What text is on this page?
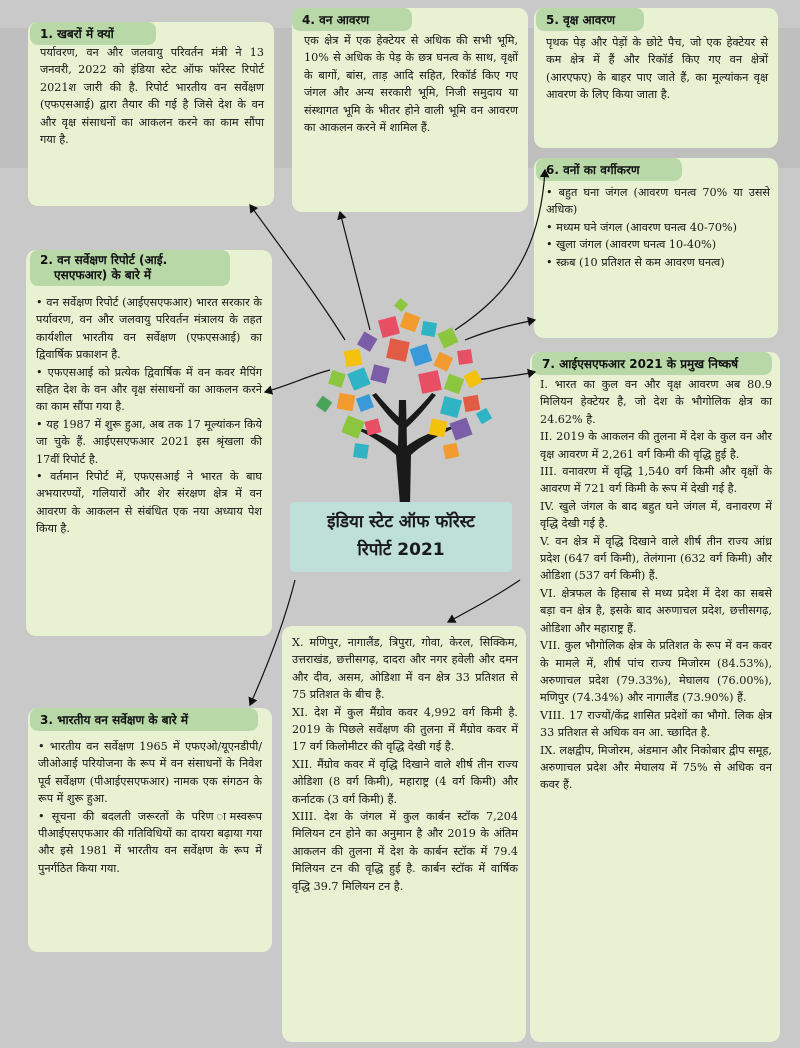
पर्यावरण, वन और जलवायु परिवर्तन मंत्री ने 13 जनवरी, 2022 को इंडिया स्टेट ऑफ फॉरेस्ट रिपोर्ट 2021श जारी की है. रिपोर्ट भारतीय वन सर्वेक्षण (एफएसआई) द्वारा तैयार की गई है जिसे देश के वन और वृक्ष संसाधनों का आकलन करने का काम सौंपा गया है.

1. खबरों में क्यों
• वन सर्वेक्षण रिपोर्ट (आईएसएफआर) भारत सरकार के पर्यावरण, वन और जलवायु परिवर्तन मंत्रालय के तहत कार्यशील भारतीय वन सर्वेक्षण (एफएसआई) का द्विवार्षिक प्रकाशन है.
• एफएसआई को प्रत्येक द्विवार्षिक में वन कवर मैपिंग सहित देश के वन और वृक्ष संसाधनों का आकलन करने का काम सौंपा गया है.
• यह 1987 में शुरू हुआ, अब तक 17 मूल्यांकन किये जा चुके हैं. आईएसएफआर 2021 इस श्रृंखला की 17वीं रिपोर्ट है.
• वर्तमान रिपोर्ट में, एफएसआई ने भारत के बाघ अभयारण्यों, गलियारों और शेर संरक्षण क्षेत्र में वन आवरण के आकलन से संबंधित एक नया अध्याय पेश किया है.
2. वन सर्वेक्षण रिपोर्ट (आई.
एसएफआर) के बारे में
• भारतीय वन सर्वेक्षण 1965 में एफएओ/यूएनडीपी/जीओआई परियोजना के रूप में वन संसाधनों के निवेश पूर्व सर्वेक्षण (पीआईएसएफआर) नामक एक संगठन के रूप में शुरू हुआ.
• सूचना की बदलती जरूरतों के परिण ामस्वरूप पीआईएसएफआर की गतिविधियों का दायरा बढ़ाया गया और इसे 1981 में भारतीय वन सर्वेक्षण के रूप में पुनर्गठित किया गया.
3. भारतीय वन सर्वेक्षण के बारे में

एक क्षेत्र में एक हेक्टेयर से अधिक की सभी भूमि, 10% से अधिक के पेड़ के छत्र घनत्व के साथ, वृक्षों के बागों, बांस, ताड़ आदि सहित, रिकॉर्ड किए गए जंगल और अन्य सरकारी भूमि, निजी समुदाय या संस्थागत भूमि के भीतर होने वाली भूमि वन आवरण का आकलन करने में शामिल हैं.

4. वन आवरण

पृथक पेड़ और पेड़ों के छोटे पैच, जो एक हेक्टेयर से कम क्षेत्र में हैं और रिकॉर्ड किए गए वन क्षेत्रों (आरएफए) के बाहर पाए जाते हैं, का मूल्यांकन वृक्ष आवरण के लिए किया जाता है.

5. वृक्ष आवरण
• बहुत घना जंगल (आवरण घनत्व 70% या उससे अधिक)
• मध्यम घने जंगल (आवरण घनत्व 40-70%)
• खुला जंगल (आवरण घनत्व 10-40%)
• स्क्रब (10 प्रतिशत से कम आवरण घनत्व)
6. वनों का वर्गीकरण
I. भारत का कुल वन और वृक्ष आवरण अब 80.9 मिलियन हेक्टेयर है, जो देश के भौगोलिक क्षेत्र का 24.62% है.
II. 2019 के आकलन की तुलना में देश के कुल वन और वृक्ष आवरण में 2,261 वर्ग किमी की वृद्धि हुई है.
III. वनावरण में वृद्धि 1,540 वर्ग किमी और वृक्षों के आवरण में 721 वर्ग किमी के रूप में देखी गई है.
IV. खुले जंगल के बाद बहुत घने जंगल में, वनावरण में वृद्धि देखी गई है.
V. वन क्षेत्र में वृद्धि दिखाने वाले शीर्ष तीन राज्य आंध्र प्रदेश (647 वर्ग किमी), तेलंगाना (632 वर्ग किमी) और ओडिशा (537 वर्ग किमी) हैं.
VI. क्षेत्रफल के हिसाब से मध्य प्रदेश में देश का सबसे बड़ा वन क्षेत्र है, इसके बाद अरुणाचल प्रदेश, छत्तीसगढ़, ओडिशा और महाराष्ट्र हैं.
VII. कुल भौगोलिक क्षेत्र के प्रतिशत के रूप में वन कवर के मामले में, शीर्ष पांच राज्य मिजोरम (84.53%), अरुणाचल प्रदेश (79.33%), मेघालय (76.00%), मणिपुर (74.34%) और नागालैंड (73.90%) हैं.
VIII. 17 राज्यों/केंद्र शासित प्रदेशों का भौगो. लिक क्षेत्र 33 प्रतिशत से अधिक वन आ. च्छादित है.
IX. लक्षद्वीप, मिजोरम, अंडमान और निकोबार द्वीप समूह, अरुणाचल प्रदेश और मेघालय में 75% से अधिक वन कवर हैं.
7. आईएसएफआर 2021 के प्रमुख निष्कर्ष
X. मणिपुर, नागालैंड, त्रिपुरा, गोवा, केरल, सिक्किम, उत्तराखंड, छत्तीसगढ़, दादरा और नगर हवेली और दमन और दीव, असम, ओडिशा में वन क्षेत्र 33 प्रतिशत से 75 प्रतिशत के बीच है.
XI. देश में कुल मैंग्रोव कवर 4,992 वर्ग किमी है. 2019 के पिछले सर्वेक्षण की तुलना में मैंग्रोव कवर में 17 वर्ग किलोमीटर की वृद्धि देखी गई है.
XII. मैंग्रोव कवर में वृद्धि दिखाने वाले शीर्ष तीन राज्य ओडिशा (8 वर्ग किमी), महाराष्ट्र (4 वर्ग किमी) और कर्नाटक (3 वर्ग किमी) हैं.
XIII. देश के जंगल में कुल कार्बन स्टॉक 7,204 मिलियन टन होने का अनुमान है और 2019 के अंतिम आकलन की तुलना में देश के कार्बन स्टॉक में 79.4 मिलियन टन की वृद्धि हुई है. कार्बन स्टॉक में वार्षिक वृद्धि 39.7 मिलियन टन है.
इंडिया स्टेट ऑफ फॉरेस्ट
रिपोर्ट 2021
